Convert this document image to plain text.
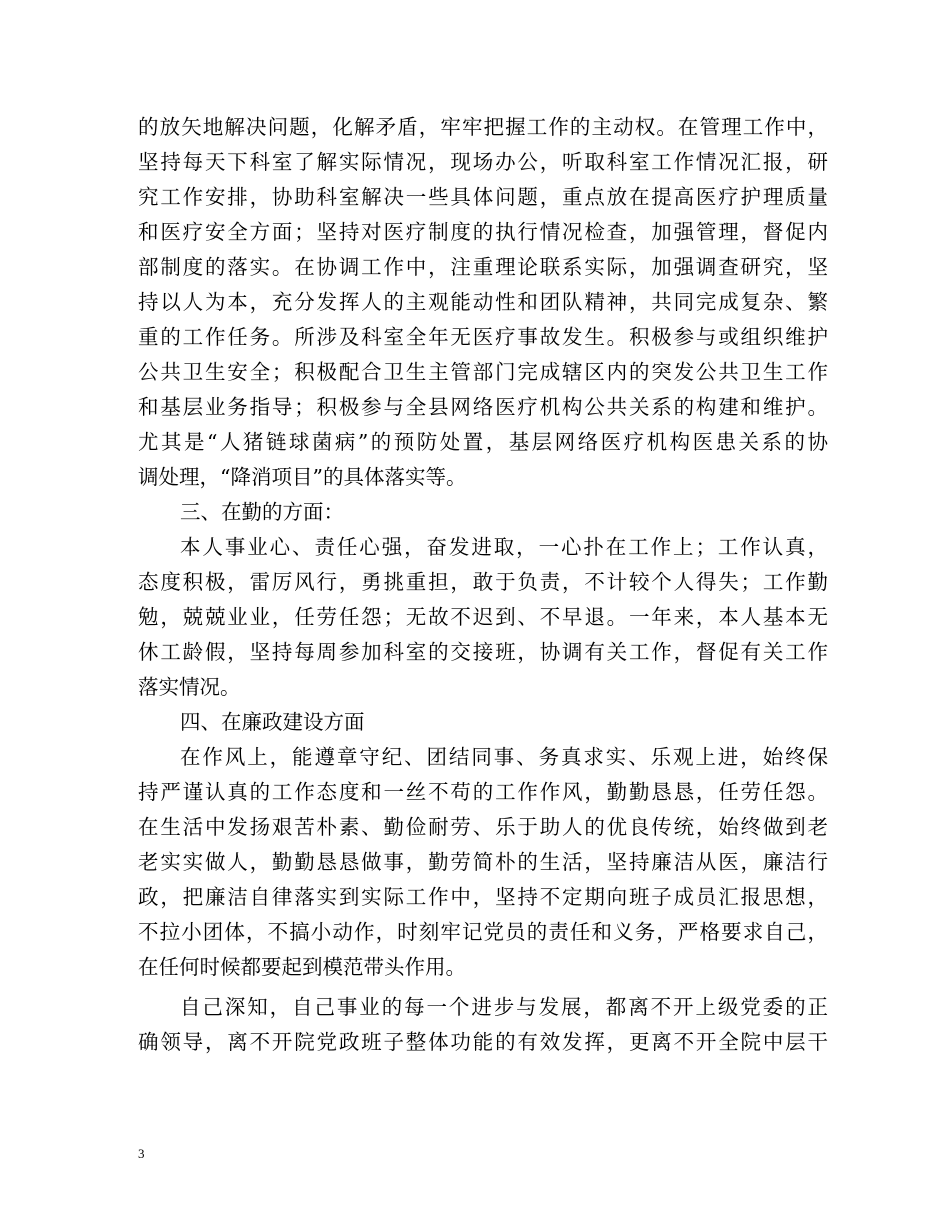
的放矢地解决问题，化解矛盾，牢牢把握工作的主动权。在管理工作中，
坚持每天下科室了解实际情况，现场办公，听取科室工作情况汇报，研
究工作安排，协助科室解决一些具体问题，重点放在提高医疗护理质量
和医疗安全方面；坚持对医疗制度的执行情况检查，加强管理，督促内
部制度的落实。在协调工作中，注重理论联系实际，加强调查研究，坚
持以人为本，充分发挥人的主观能动性和团队精神，共同完成复杂、繁
重的工作任务。所涉及科室全年无医疗事故发生。积极参与或组织维护
公共卫生安全；积极配合卫生主管部门完成辖区内的突发公共卫生工作
和基层业务指导；积极参与全县网络医疗机构公共关系的构建和维护。
尤其是“人猪链球菌病”的预防处置，基层网络医疗机构医患关系的协
调处理，“降消项目”的具体落实等。
三、在勤的方面：
本人事业心、责任心强，奋发进取，一心扑在工作上；工作认真，
态度积极，雷厉风行，勇挑重担，敢于负责，不计较个人得失；工作勤
勉，兢兢业业，任劳任怨；无故不迟到、不早退。一年来，本人基本无
休工龄假，坚持每周参加科室的交接班，协调有关工作，督促有关工作
落实情况。
四、在廉政建设方面
在作风上，能遵章守纪、团结同事、务真求实、乐观上进，始终保
持严谨认真的工作态度和一丝不苟的工作作风，勤勤恳恳，任劳任怨。
在生活中发扬艰苦朴素、勤俭耐劳、乐于助人的优良传统，始终做到老
老实实做人，勤勤恳恳做事，勤劳简朴的生活，坚持廉洁从医，廉洁行
政，把廉洁自律落实到实际工作中，坚持不定期向班子成员汇报思想，
不拉小团体，不搞小动作，时刻牢记党员的责任和义务，严格要求自己，
在任何时候都要起到模范带头作用。
自己深知，自己事业的每一个进步与发展，都离不开上级党委的正
确领导，离不开院党政班子整体功能的有效发挥，更离不开全院中层干
3
